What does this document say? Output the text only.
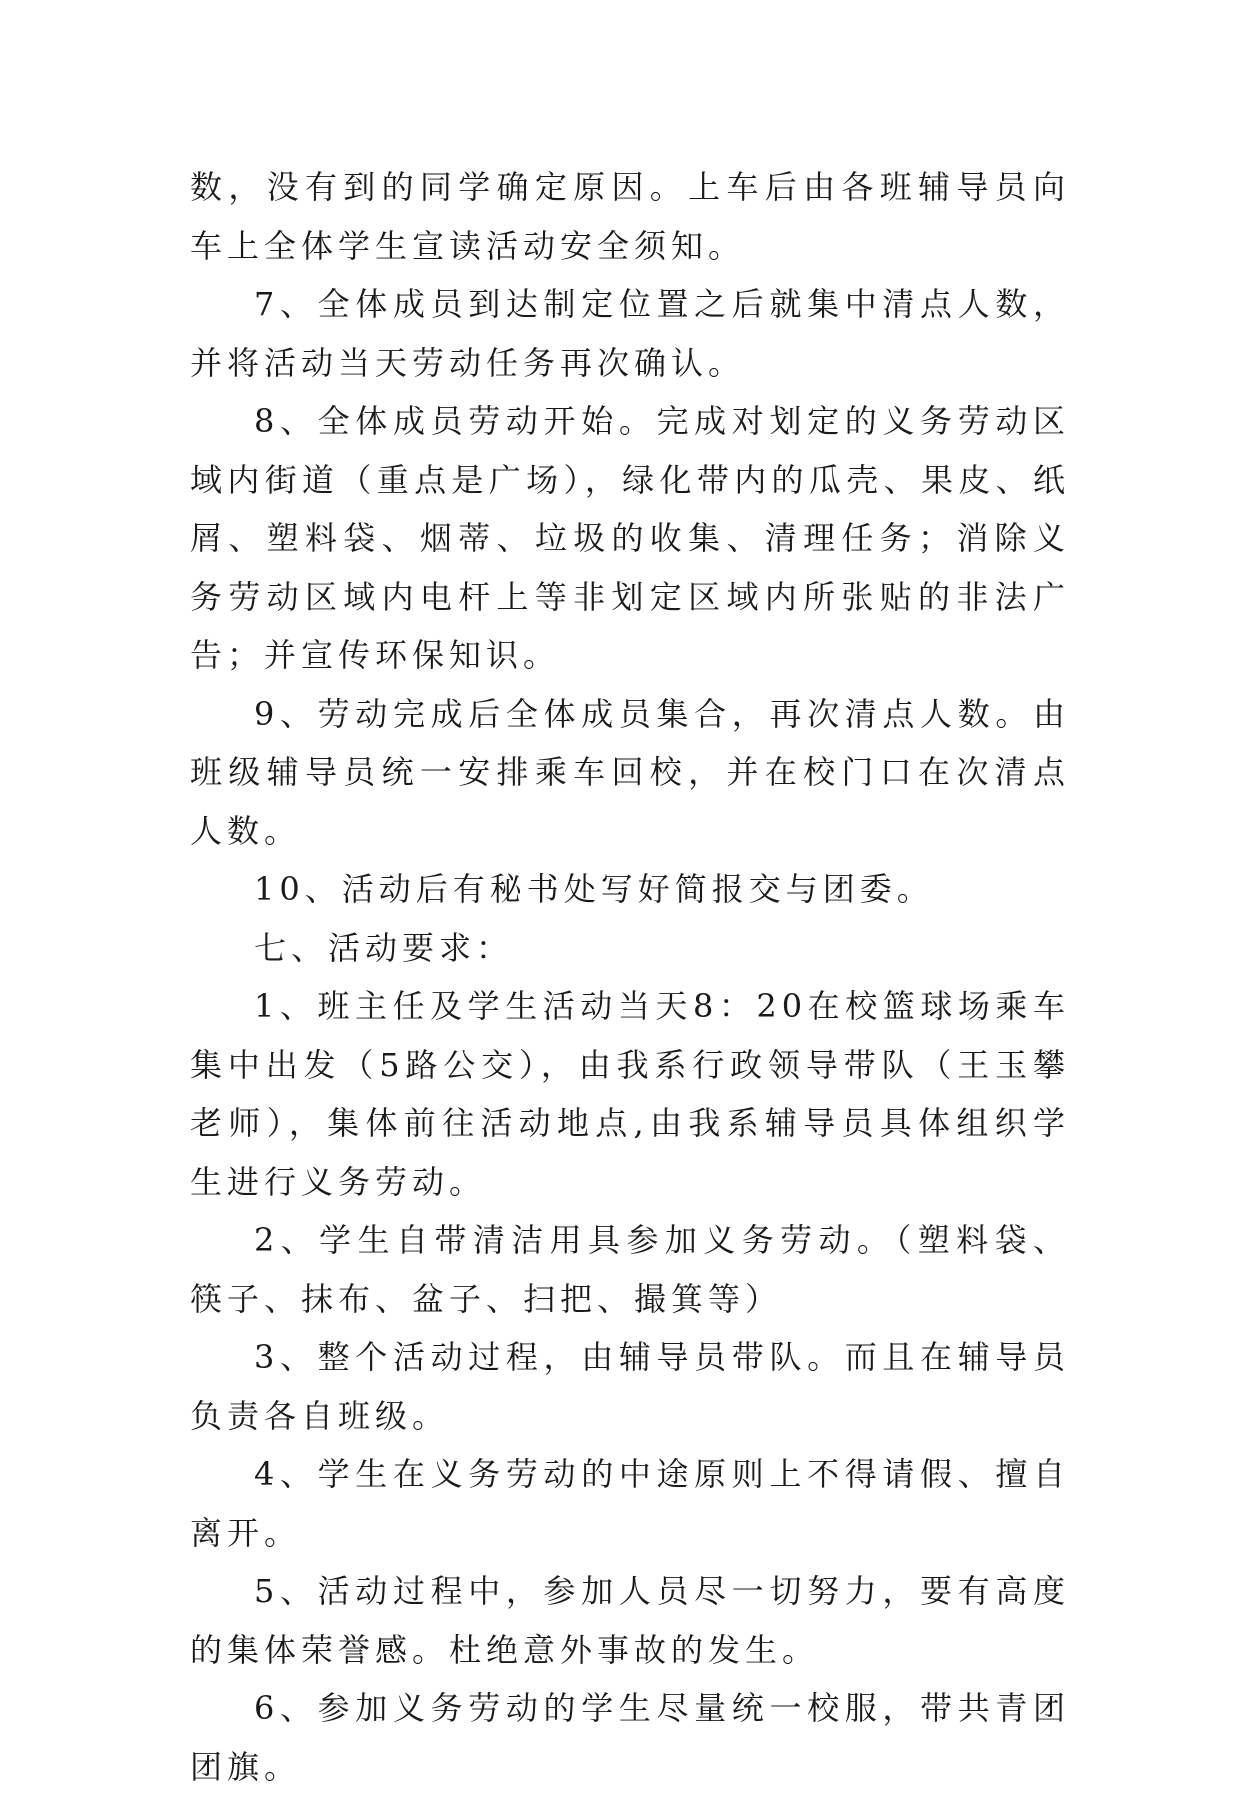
数，没有到的同学确定原因。上车后由各班辅导员向车上全体学生宣读活动安全须知。

7、全体成员到达制定位置之后就集中清点人数，并将活动当天劳动任务再次确认。

8、全体成员劳动开始。完成对划定的义务劳动区域内街道（重点是广场），绿化带内的瓜壳、果皮、纸屑、塑料袋、烟蒂、垃圾的收集、清理任务；消除义务劳动区域内电杆上等非划定区域内所张贴的非法广告；并宣传环保知识。

9、劳动完成后全体成员集合，再次清点人数。由班级辅导员统一安排乘车回校，并在校门口在次清点人数。

10、活动后有秘书处写好简报交与团委。

七、活动要求：

1、班主任及学生活动当天8：20在校篮球场乘车集中出发（5路公交），由我系行政领导带队（王玉攀老师），集体前往活动地点,由我系辅导员具体组织学生进行义务劳动。

2、学生自带清洁用具参加义务劳动。（塑料袋、筷子、抹布、盆子、扫把、撮箕等）

3、整个活动过程，由辅导员带队。而且在辅导员负责各自班级。

4、学生在义务劳动的中途原则上不得请假、擅自离开。

5、活动过程中，参加人员尽一切努力，要有高度的集体荣誉感。杜绝意外事故的发生。

6、参加义务劳动的学生尽量统一校服，带共青团团旗。
